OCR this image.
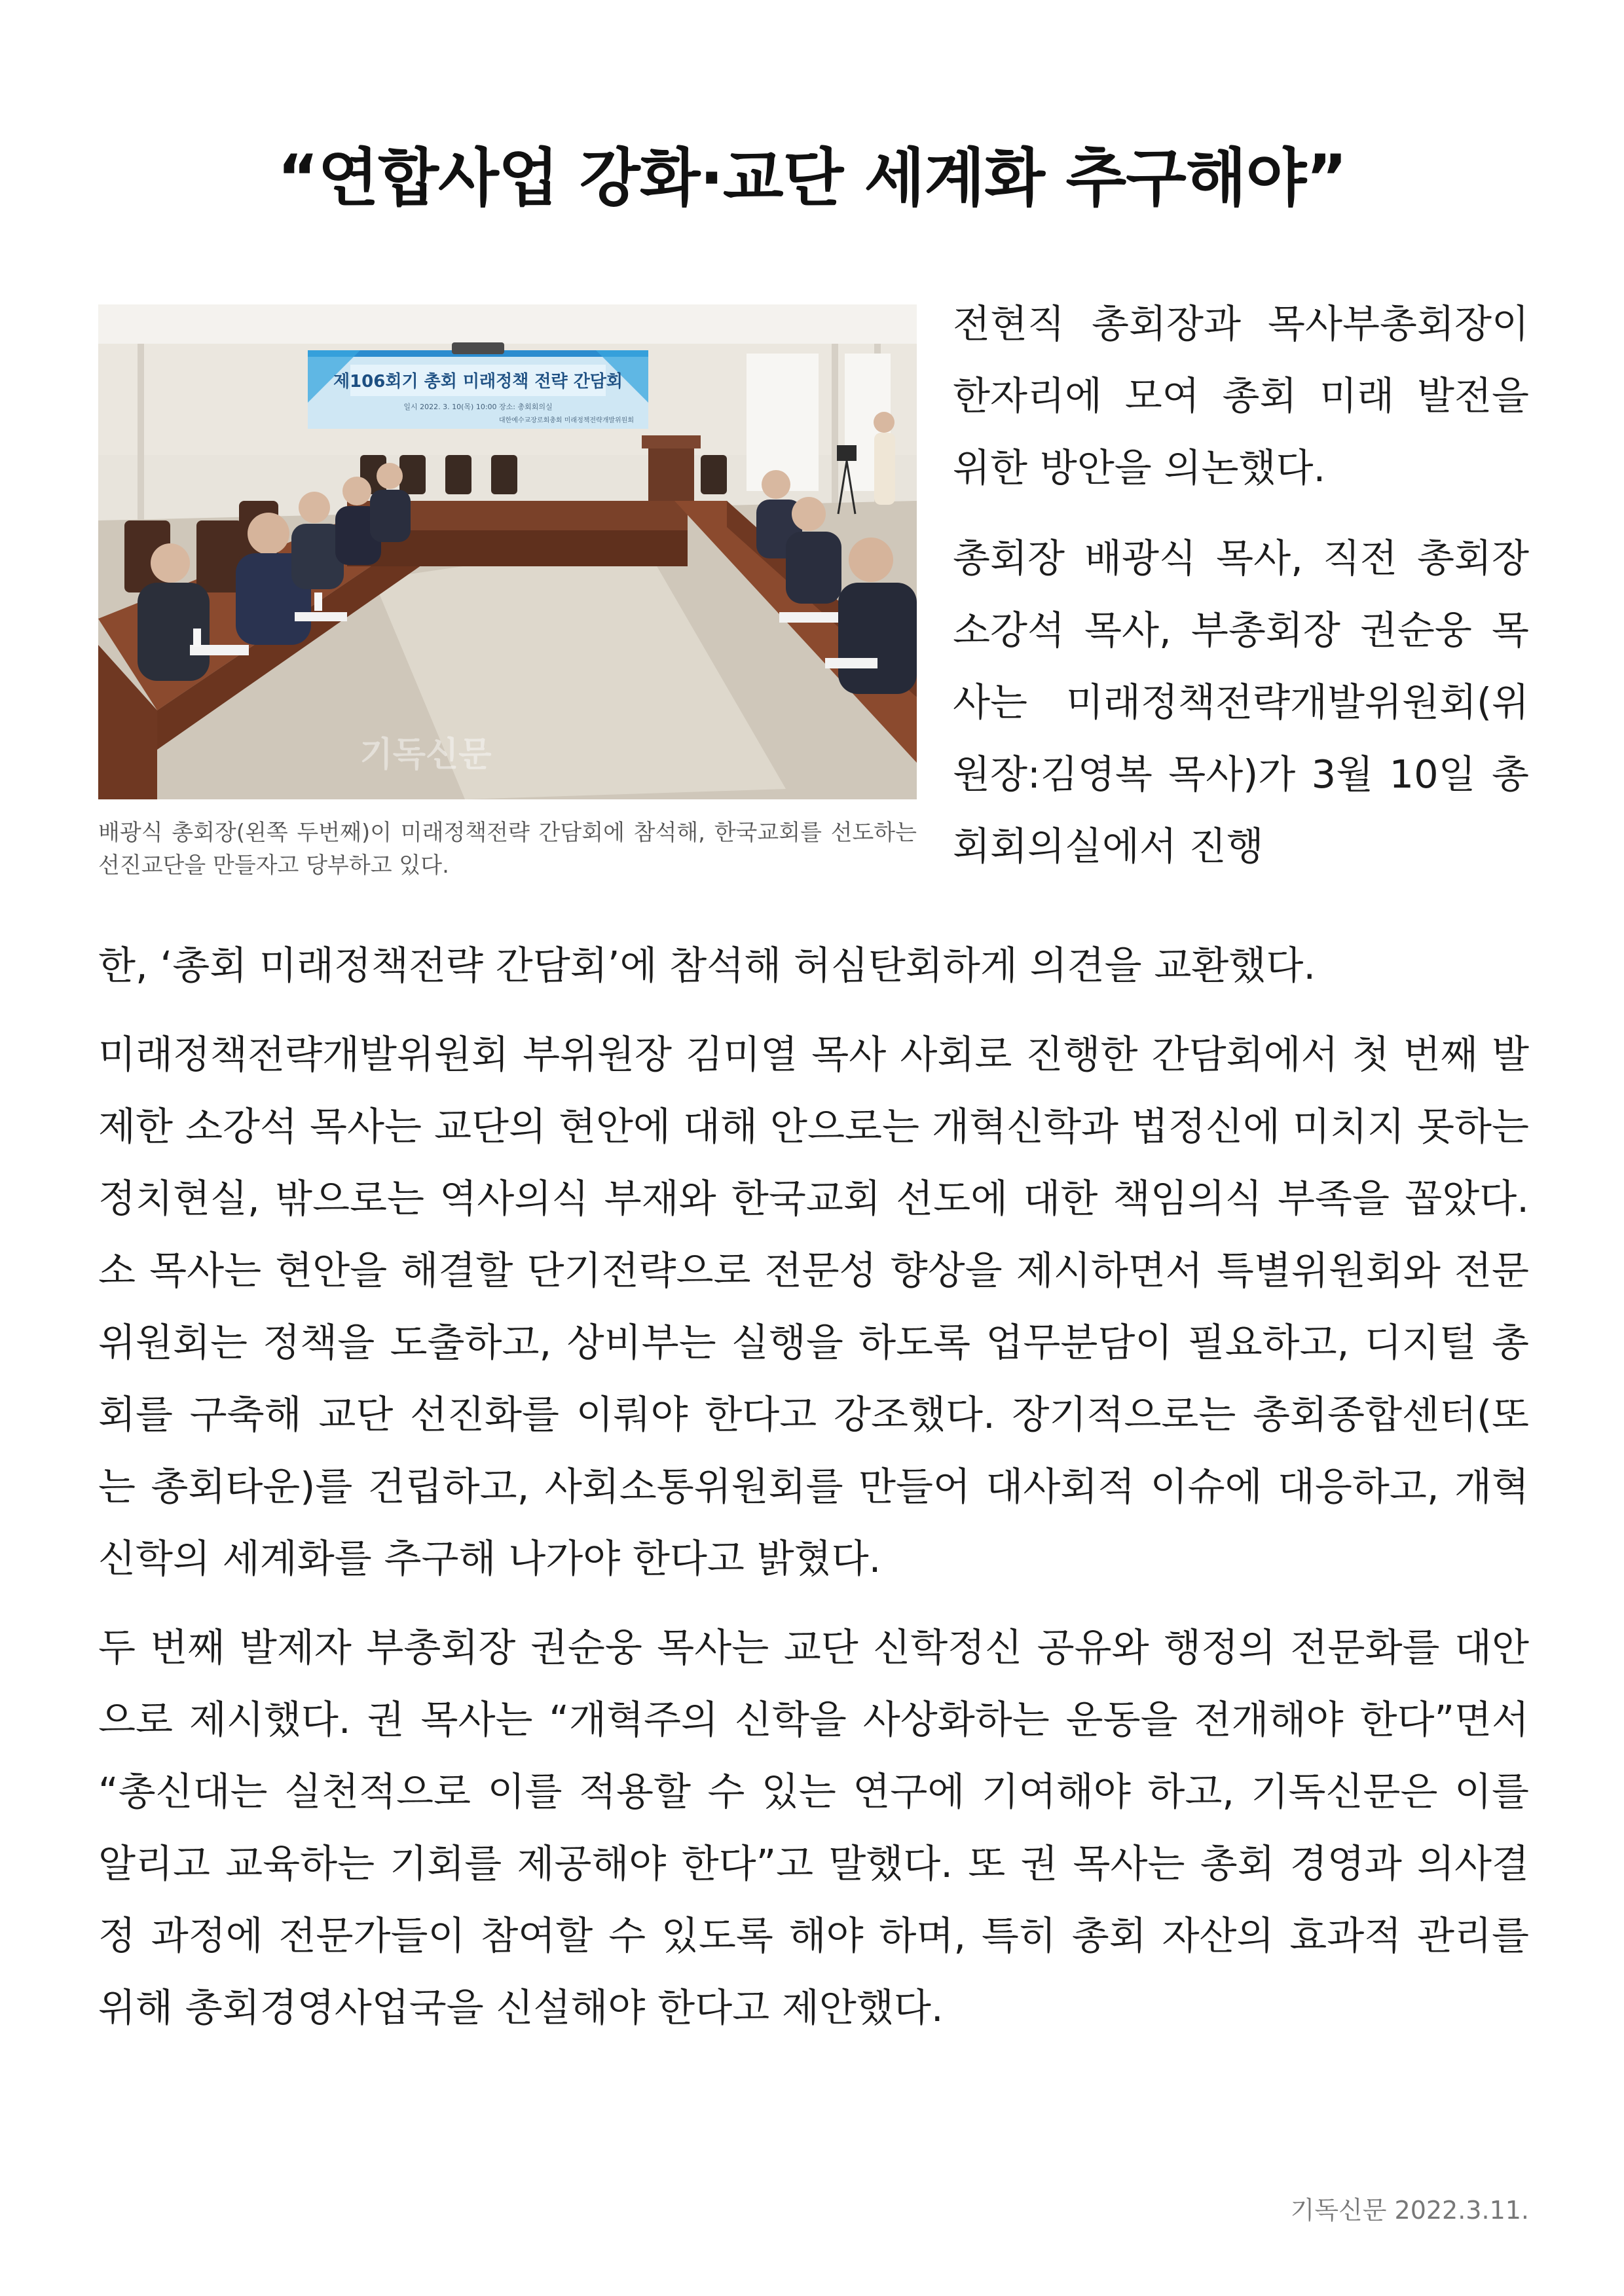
“연합사업 강화·교단 세계화 추구해야”
제106회기 총회 미래정책 전략 간담회
일시 2022. 3. 10(목) 10:00 장소: 총회회의실
대한예수교장로회총회 미래정책전략개발위원회
기독신문
배광식 총회장(왼쪽 두번째)이 미래정책전략 간담회에 참석해, 한국교회를 선도하는 선진교단을 만들자고 당부하고 있다.

전현직 총회장과 목사부총회장이 한자리에 모여 총회 미래 발전을 위한 방안을 의논했다.

총회장 배광식 목사, 직전 총회장 소강석 목사, 부총회장 권순웅 목사는 미래정책전략개발위원회(위원장:김영복 목사)가 3월 10일 총회회의실에서 진행

한, ‘총회 미래정책전략 간담회’에 참석해 허심탄회하게 의견을 교환했다.

미래정책전략개발위원회 부위원장 김미열 목사 사회로 진행한 간담회에서 첫 번째 발제한 소강석 목사는 교단의 현안에 대해 안으로는 개혁신학과 법정신에 미치지 못하는 정치현실, 밖으로는 역사의식 부재와 한국교회 선도에 대한 책임의식 부족을 꼽았다. 소 목사는 현안을 해결할 단기전략으로 전문성 향상을 제시하면서 특별위원회와 전문위원회는 정책을 도출하고, 상비부는 실행을 하도록 업무분담이 필요하고, 디지털 총회를 구축해 교단 선진화를 이뤄야 한다고 강조했다. 장기적으로는 총회종합센터(또는 총회타운)를 건립하고, 사회소통위원회를 만들어 대사회적 이슈에 대응하고, 개혁신학의 세계화를 추구해 나가야 한다고 밝혔다.

두 번째 발제자 부총회장 권순웅 목사는 교단 신학정신 공유와 행정의 전문화를 대안으로 제시했다. 권 목사는 “개혁주의 신학을 사상화하는 운동을 전개해야 한다”면서 “총신대는 실천적으로 이를 적용할 수 있는 연구에 기여해야 하고, 기독신문은 이를 알리고 교육하는 기회를 제공해야 한다”고 말했다. 또 권 목사는 총회 경영과 의사결정 과정에 전문가들이 참여할 수 있도록 해야 하며, 특히 총회 자산의 효과적 관리를 위해 총회경영사업국을 신설해야 한다고 제안했다.

기독신문 2022.3.11.
